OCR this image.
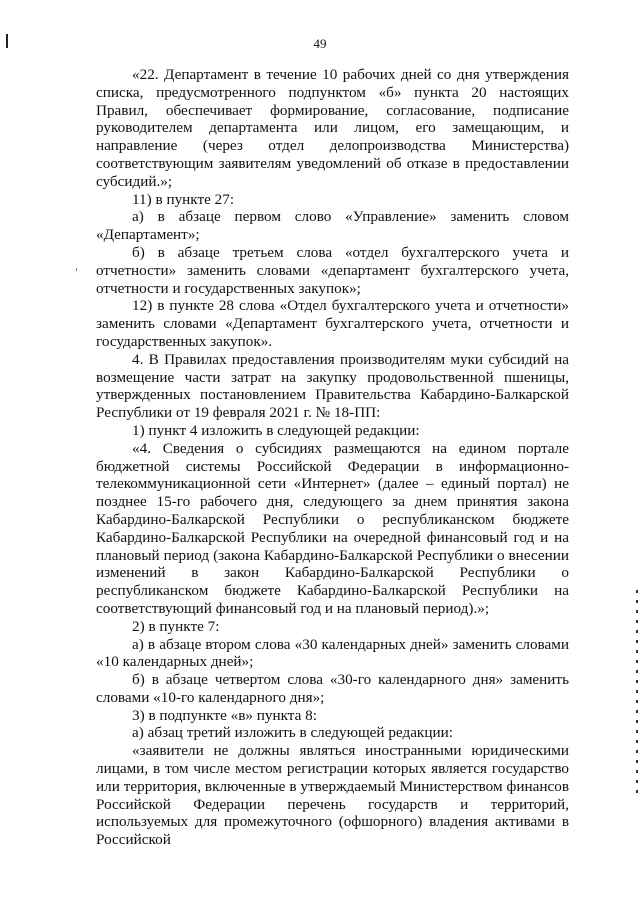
49

«22. Департамент в течение 10 рабочих дней со дня утверждения списка, предусмотренного подпунктом «б» пункта 20 настоящих Правил, обеспечивает формирование, согласование, подписание руководителем департамента или лицом, его замещающим, и направление (через отдел делопроизводства Министерства) соответствующим заявителям уведомлений об отказе в предоставлении субсидий.»;

11) в пункте 27:

а) в абзаце первом слово «Управление» заменить словом «Департамент»;

б) в абзаце третьем слова «отдел бухгалтерского учета и отчетности» заменить словами «департамент бухгалтерского учета, отчетности и государственных закупок»;

12) в пункте 28 слова «Отдел бухгалтерского учета и отчетности» заменить словами «Департамент бухгалтерского учета, отчетности и государственных закупок».

4. В Правилах предоставления производителям муки субсидий на возмещение части затрат на закупку продовольственной пшеницы, утвержденных постановлением Правительства Кабардино-Балкарской Республики от 19 февраля 2021 г. № 18-ПП:

1) пункт 4 изложить в следующей редакции:

«4. Сведения о субсидиях размещаются на едином портале бюджетной системы Российской Федерации в информационно-телекоммуникационной сети «Интернет» (далее – единый портал) не позднее 15-го рабочего дня, следующего за днем принятия закона Кабардино-Балкарской Республики о республиканском бюджете Кабардино-Балкарской Республики на очередной финансовый год и на плановый период (закона Кабардино-Балкарской Республики о внесении изменений в закон Кабардино-Балкарской Республики о республиканском бюджете Кабардино-Балкарской Республики на соответствующий финансовый год и на плановый период).»;

2) в пункте 7:

а) в абзаце втором слова «30 календарных дней» заменить словами «10 календарных дней»;

б) в абзаце четвертом слова «30-го календарного дня» заменить словами «10-го календарного дня»;

3) в подпункте «в» пункта 8:

а) абзац третий изложить в следующей редакции:

«заявители не должны являться иностранными юридическими лицами, в том числе местом регистрации которых является государство или территория, включенные в утверждаемый Министерством финансов Российской Федерации перечень государств и территорий, используемых для промежуточного (офшорного) владения активами в Российской
